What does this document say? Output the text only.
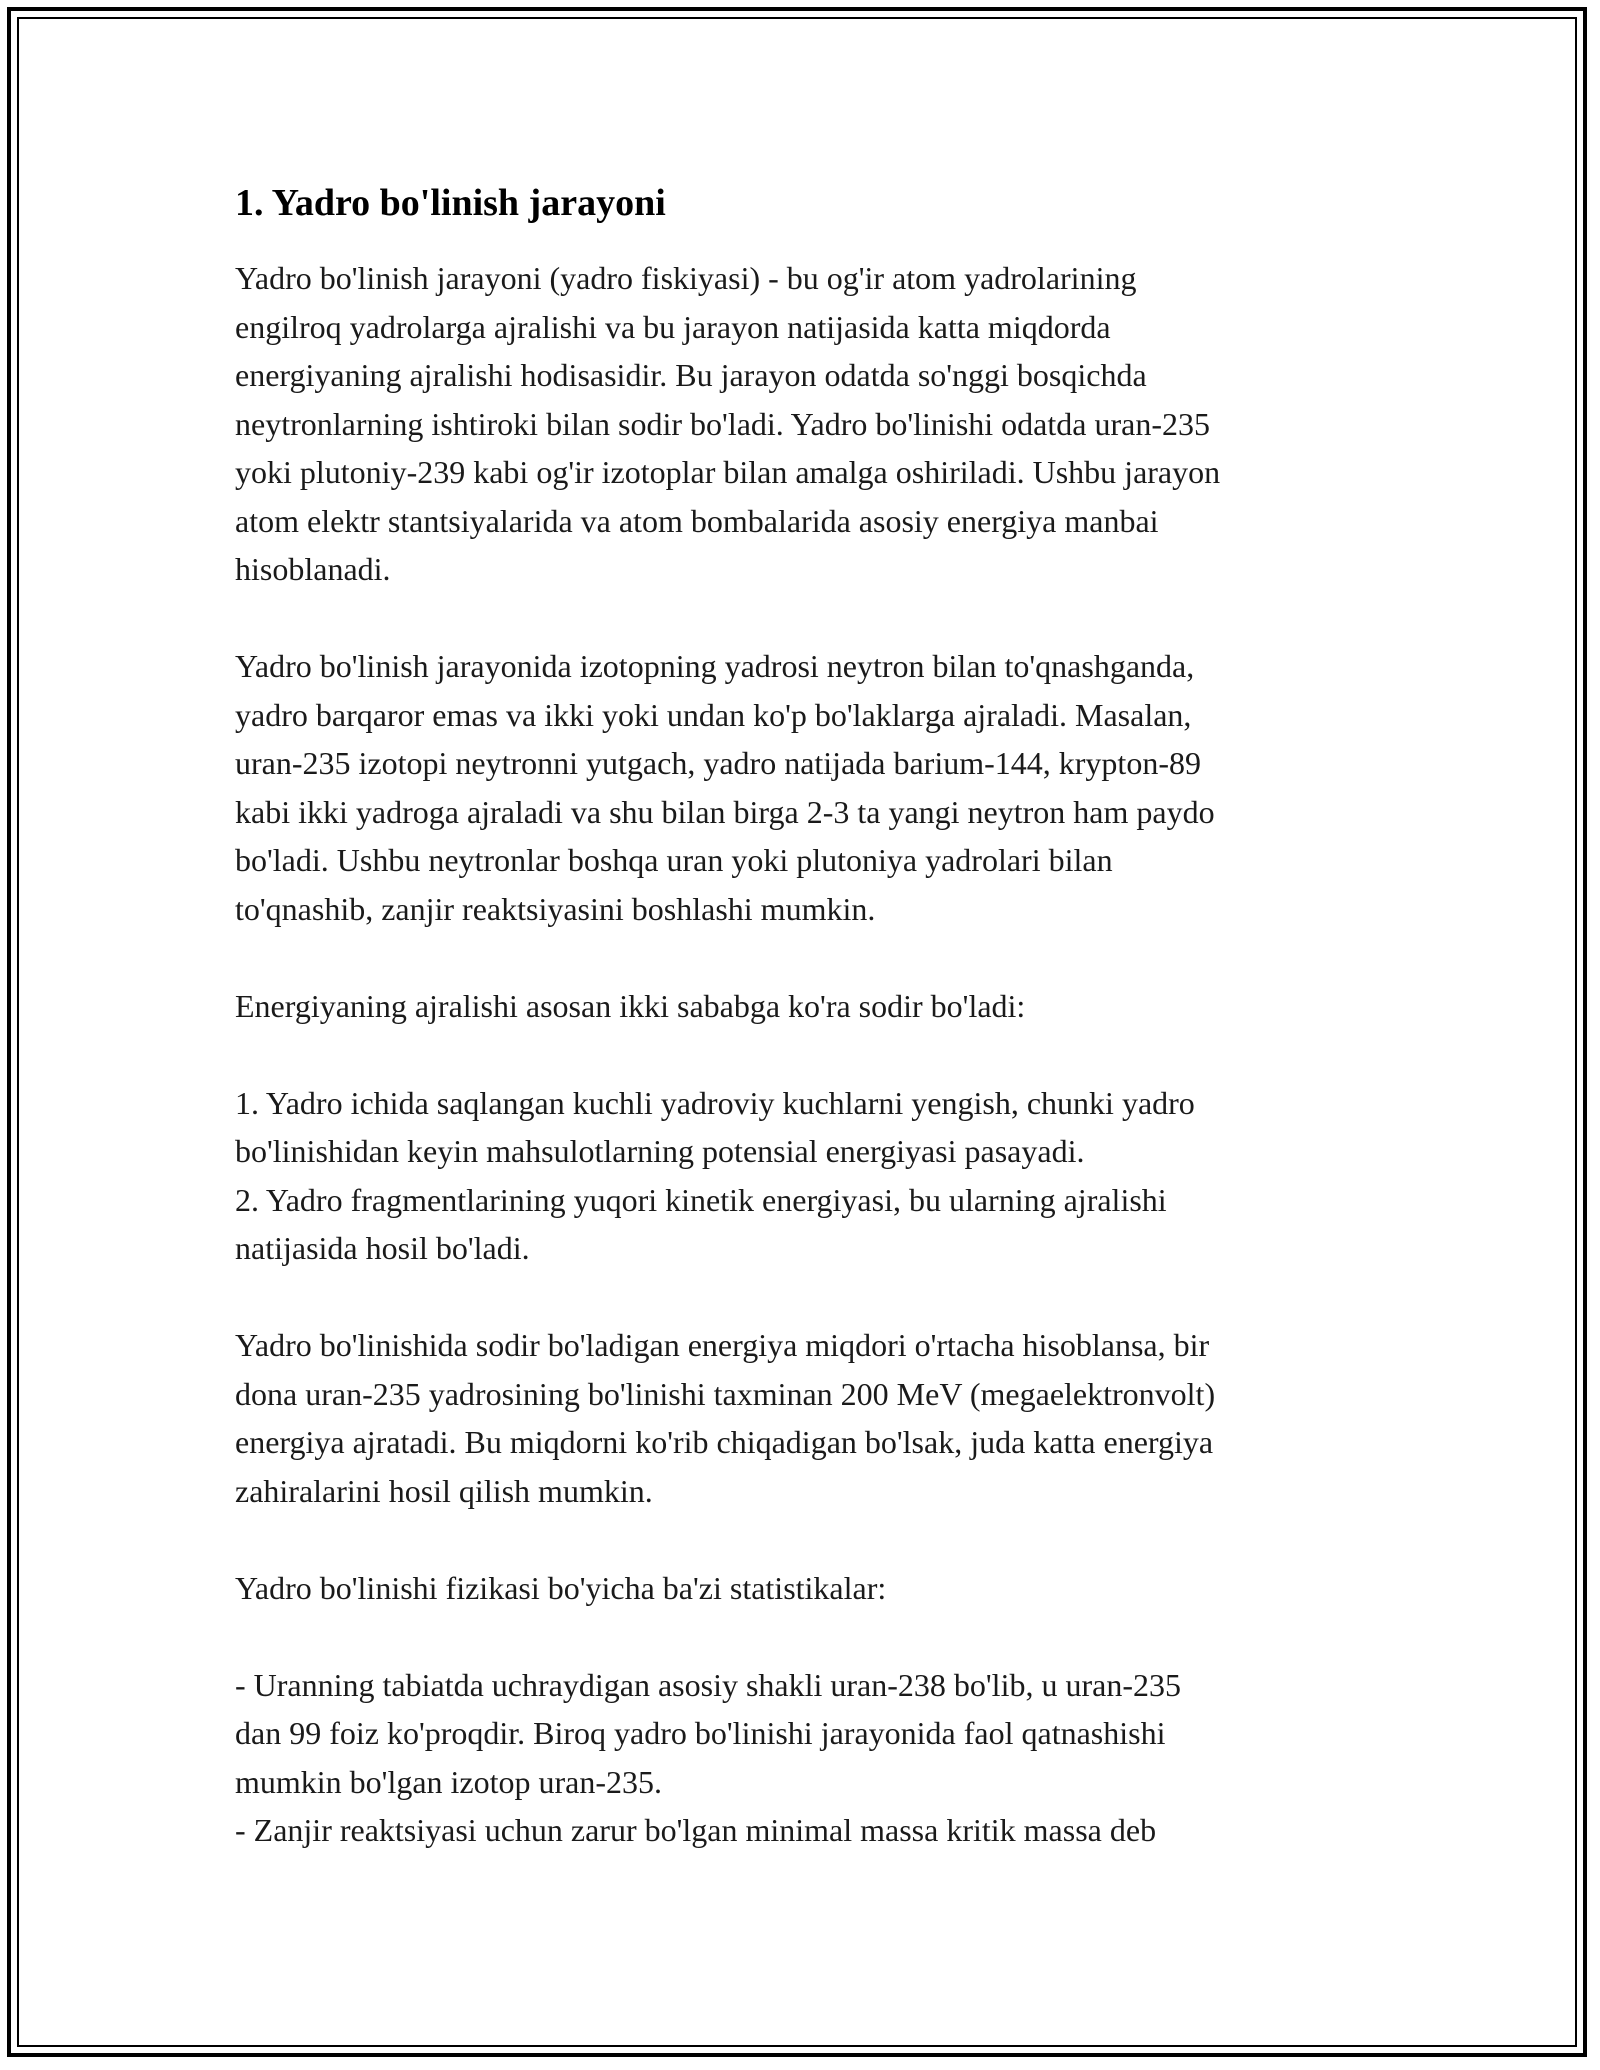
1. Yadro bo'linish jarayoni

Yadro bo'linish jarayoni (yadro fiskiyasi) - bu og'ir atom yadrolarining
engilroq yadrolarga ajralishi va bu jarayon natijasida katta miqdorda
energiyaning ajralishi hodisasidir. Bu jarayon odatda so'nggi bosqichda
neytronlarning ishtiroki bilan sodir bo'ladi. Yadro bo'linishi odatda uran-235
yoki plutoniy-239 kabi og'ir izotoplar bilan amalga oshiriladi. Ushbu jarayon
atom elektr stantsiyalarida va atom bombalarida asosiy energiya manbai
hisoblanadi.

Yadro bo'linish jarayonida izotopning yadrosi neytron bilan to'qnashganda,
yadro barqaror emas va ikki yoki undan ko'p bo'laklarga ajraladi. Masalan,
uran-235 izotopi neytronni yutgach, yadro natijada barium-144, krypton-89
kabi ikki yadroga ajraladi va shu bilan birga 2-3 ta yangi neytron ham paydo
bo'ladi. Ushbu neytronlar boshqa uran yoki plutoniya yadrolari bilan
to'qnashib, zanjir reaktsiyasini boshlashi mumkin.

Energiyaning ajralishi asosan ikki sababga ko'ra sodir bo'ladi:

1. Yadro ichida saqlangan kuchli yadroviy kuchlarni yengish, chunki yadro
bo'linishidan keyin mahsulotlarning potensial energiyasi pasayadi.
2. Yadro fragmentlarining yuqori kinetik energiyasi, bu ularning ajralishi
natijasida hosil bo'ladi.

Yadro bo'linishida sodir bo'ladigan energiya miqdori o'rtacha hisoblansa, bir
dona uran-235 yadrosining bo'linishi taxminan 200 MeV (megaelektronvolt)
energiya ajratadi. Bu miqdorni ko'rib chiqadigan bo'lsak, juda katta energiya
zahiralarini hosil qilish mumkin.

Yadro bo'linishi fizikasi bo'yicha ba'zi statistikalar:

- Uranning tabiatda uchraydigan asosiy shakli uran-238 bo'lib, u uran-235
dan 99 foiz ko'proqdir. Biroq yadro bo'linishi jarayonida faol qatnashishi
mumkin bo'lgan izotop uran-235.
- Zanjir reaktsiyasi uchun zarur bo'lgan minimal massa kritik massa deb
